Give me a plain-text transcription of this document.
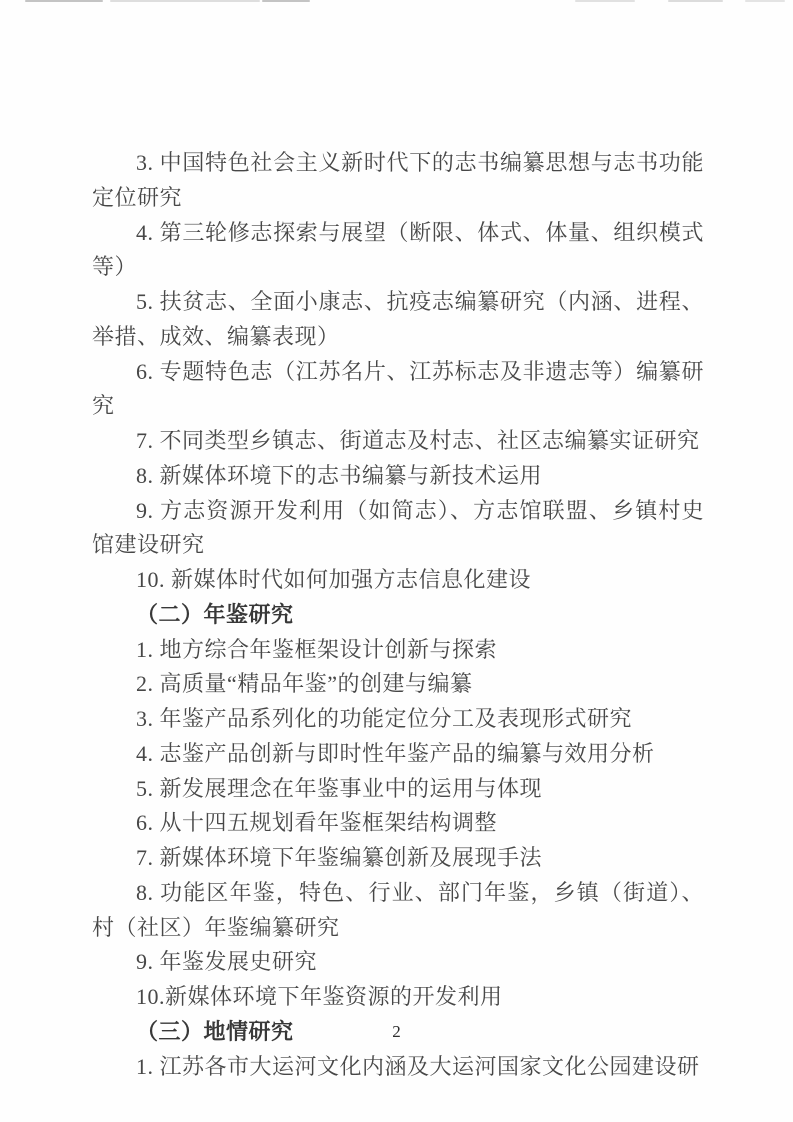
3. 中国特色社会主义新时代下的志书编纂思想与志书功能定位研究

4. 第三轮修志探索与展望（断限、体式、体量、组织模式等）

5. 扶贫志、全面小康志、抗疫志编纂研究（内涵、进程、举措、成效、编纂表现）

6. 专题特色志（江苏名片、江苏标志及非遗志等）编纂研究

7. 不同类型乡镇志、街道志及村志、社区志编纂实证研究

8. 新媒体环境下的志书编纂与新技术运用

9. 方志资源开发利用（如简志）、方志馆联盟、乡镇村史馆建设研究

10. 新媒体时代如何加强方志信息化建设

（二）年鉴研究

1. 地方综合年鉴框架设计创新与探索

2. 高质量“精品年鉴”的创建与编纂

3. 年鉴产品系列化的功能定位分工及表现形式研究

4. 志鉴产品创新与即时性年鉴产品的编纂与效用分析

5. 新发展理念在年鉴事业中的运用与体现

6. 从十四五规划看年鉴框架结构调整

7. 新媒体环境下年鉴编纂创新及展现手法

8. 功能区年鉴，特色、行业、部门年鉴，乡镇（街道）、村（社区）年鉴编纂研究

9. 年鉴发展史研究

10.新媒体环境下年鉴资源的开发利用

（三）地情研究

1. 江苏各市大运河文化内涵及大运河国家文化公园建设研

2
